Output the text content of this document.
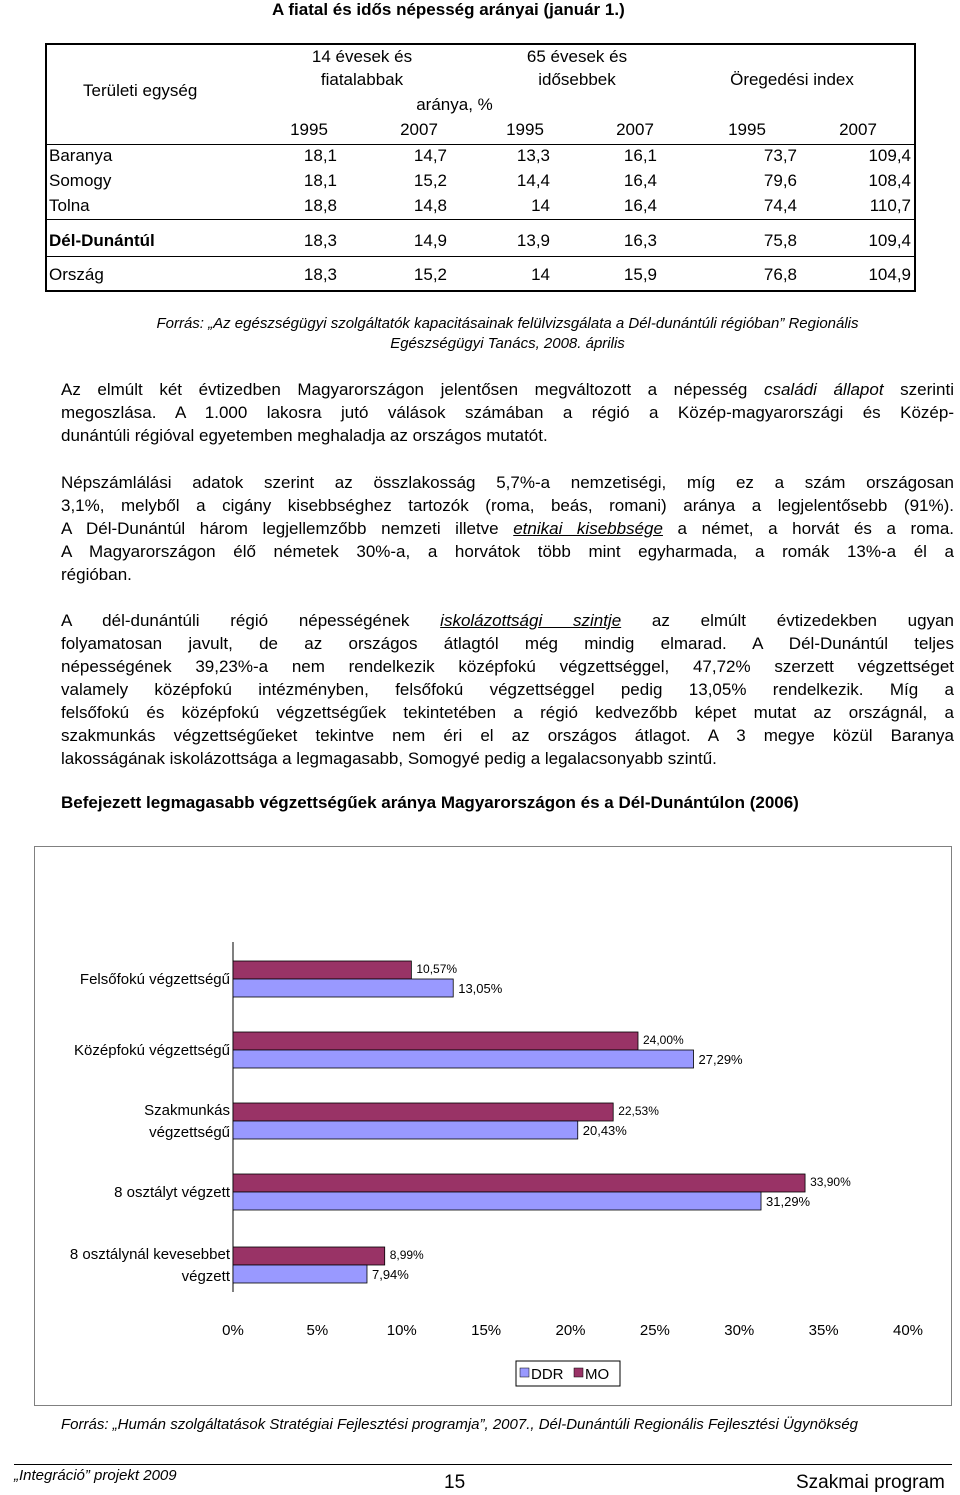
A fiatal és idős népesség arányai (január 1.)
Területi egység
14 évesek és
fiatalabbak
65 évesek és
idősebbek	Öregedési index
aránya, %
1995	2007	1995	2007	1995	2007
Baranya	18,1	14,7	13,3	16,1	73,7	109,4
Somogy	18,1	15,2	14,4	16,4	79,6	108,4
Tolna	18,8	14,8	14	16,4	74,4	110,7
Dél-Dunántúl	18,3	14,9	13,9	16,3	75,8	109,4
Ország	18,3	15,2	14	15,9	76,8	104,9
Forrás: „Az egészségügyi szolgáltatók kapacitásainak felülvizsgálata a Dél-dunántúli régióban” Regionális
Egészségügyi Tanács, 2008. április
Az elmúlt két évtizedben Magyarországon jelentősen megváltozott a népesség családi állapot szerinti
megoszlása. A 1.000 lakosra jutó válások számában a régió a Közép-magyarországi és Közép-
dunántúli régióval egyetemben meghaladja az országos mutatót.
Népszámlálási adatok szerint az összlakosság 5,7%-a nemzetiségi, míg ez a szám országosan
3,1%, melyből a cigány kisebbséghez tartozók (roma, beás, romani) aránya a legjelentősebb (91%).
A Dél-Dunántúl három legjellemzőbb nemzeti illetve etnikai kisebbsége a német, a horvát és a roma.
A Magyarországon élő németek 30%-a, a horvátok több mint egyharmada, a romák 13%-a él a
régióban.
A dél-dunántúli régió népességének iskolázottsági szintje az elmúlt évtizedekben ugyan
folyamatosan javult, de az országos átlagtól még mindig elmarad. A Dél-Dunántúl teljes
népességének 39,23%-a nem rendelkezik középfokú végzettséggel, 47,72% szerzett végzettséget
valamely középfokú intézményben, felsőfokú végzettséggel pedig 13,05% rendelkezik. Míg a
felsőfokú és középfokú végzettségűek tekintetében a régió kedvezőbb képet mutat az országnál, a
szakmunkás végzettségűeket tekintve nem éri el az országos átlagot. A 3 megye közül Baranya
lakosságának iskolázottsága a legmagasabb, Somogyé pedig a legalacsonyabb szintű.
Befejezett legmagasabb végzettségűek aránya Magyarországon és a Dél-Dunántúlon (2006)
10,57%
13,05%
Felsőfokú végzettségű
24,00%
27,29%
Középfokú végzettségű
22,53%
20,43%
Szakmunkás
végzettségű
33,90%
31,29%
8 osztályt végzett
8,99%
7,94%
8 osztálynál kevesebbet
végzett
0%	5%	10%	15%	20%	25%	30%	35%	40%
DDR MO
Forrás: „Humán szolgáltatások Stratégiai Fejlesztési programja”, 2007., Dél-Dunántúli Regionális Fejlesztési Ügynökség
„Integráció” projekt 2009	15	Szakmai program
